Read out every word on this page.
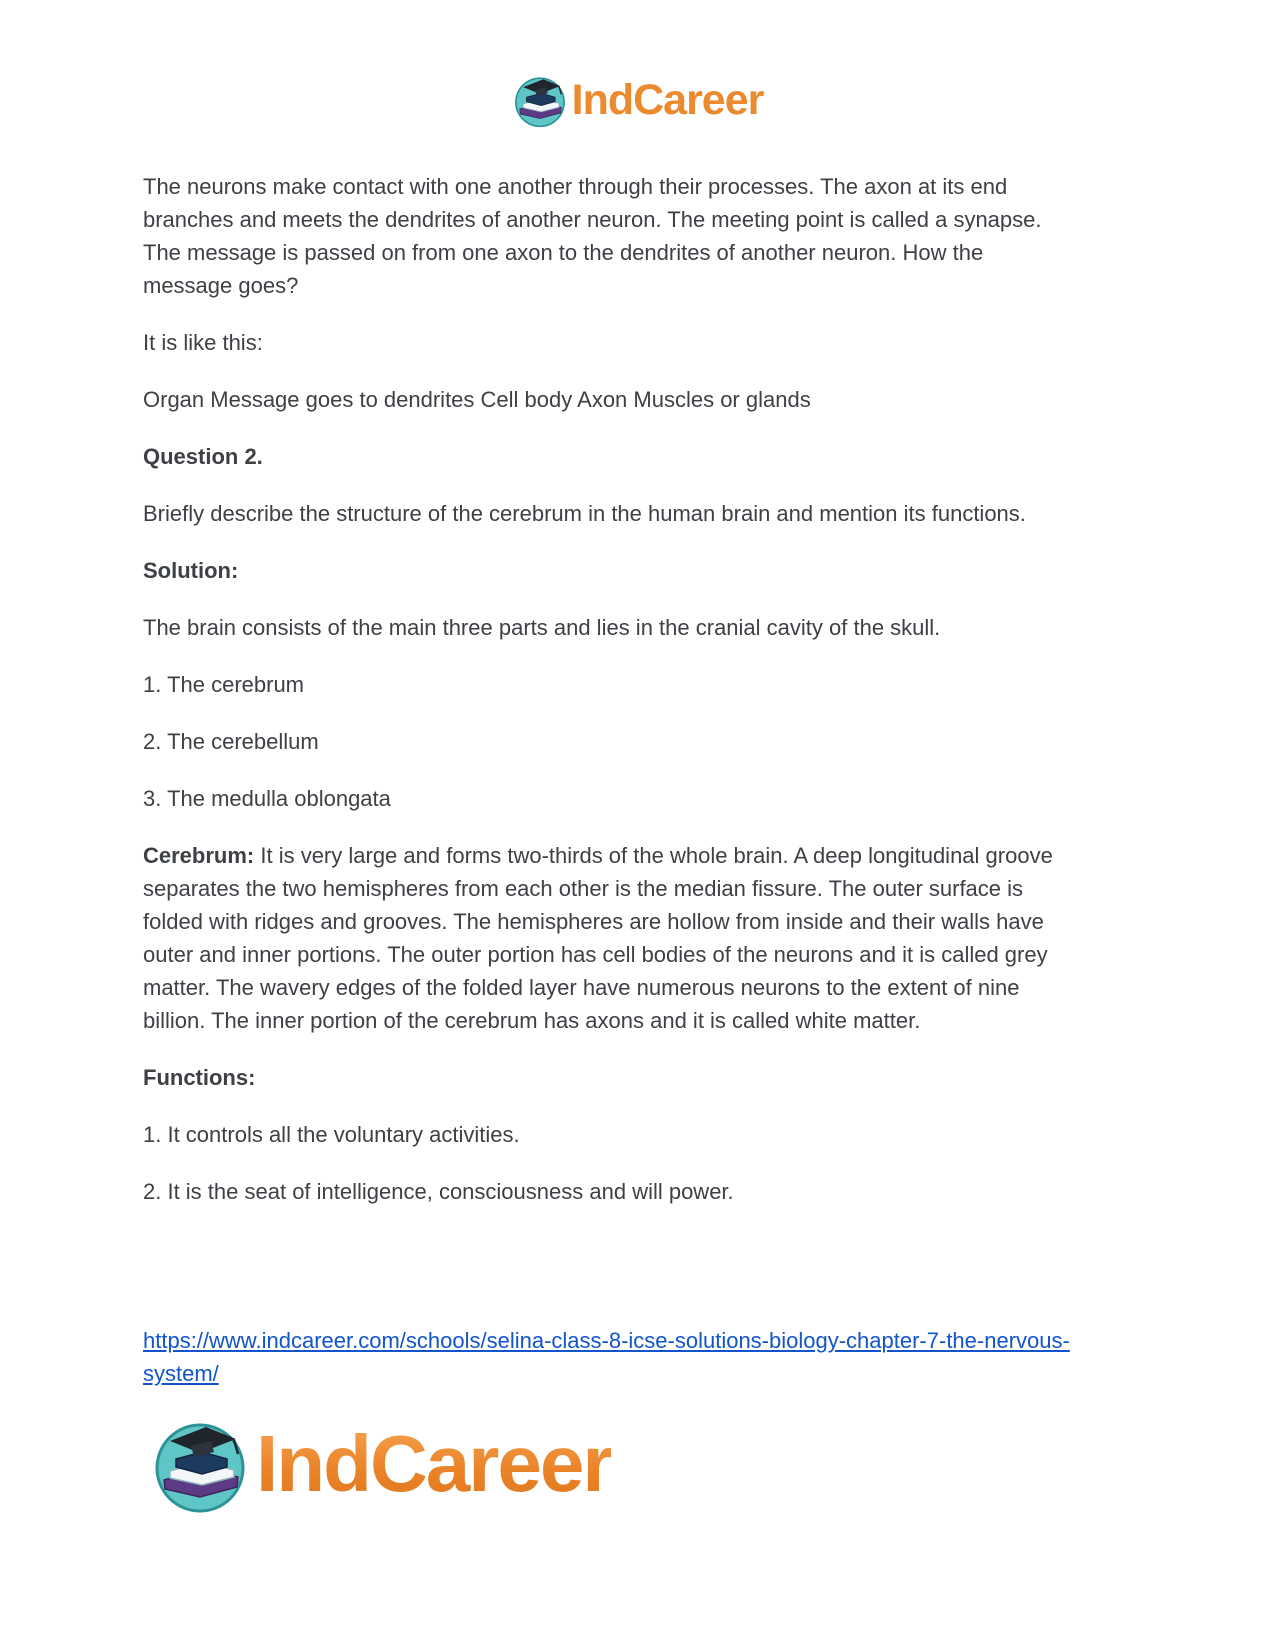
IndCareer

The neurons make contact with one another through their processes. The axon at its end branches and meets the dendrites of another neuron. The meeting point is called a synapse. The message is passed on from one axon to the dendrites of another neuron. How the message goes?

It is like this:

Organ Message goes to dendrites Cell body Axon Muscles or glands

Question 2.

Briefly describe the structure of the cerebrum in the human brain and mention its functions.

Solution:

The brain consists of the main three parts and lies in the cranial cavity of the skull.

1. The cerebrum

2. The cerebellum

3. The medulla oblongata

Cerebrum: It is very large and forms two-thirds of the whole brain. A deep longitudinal groove separates the two hemispheres from each other is the median fissure. The outer surface is folded with ridges and grooves. The hemispheres are hollow from inside and their walls have outer and inner portions. The outer portion has cell bodies of the neurons and it is called grey matter. The wavery edges of the folded layer have numerous neurons to the extent of nine billion. The inner portion of the cerebrum has axons and it is called white matter.

Functions:

1. It controls all the voluntary activities.

2. It is the seat of intelligence, consciousness and will power.

https://www.indcareer.com/schools/selina-class-8-icse-solutions-biology-chapter-7-the-nervous-system/

IndCareer
